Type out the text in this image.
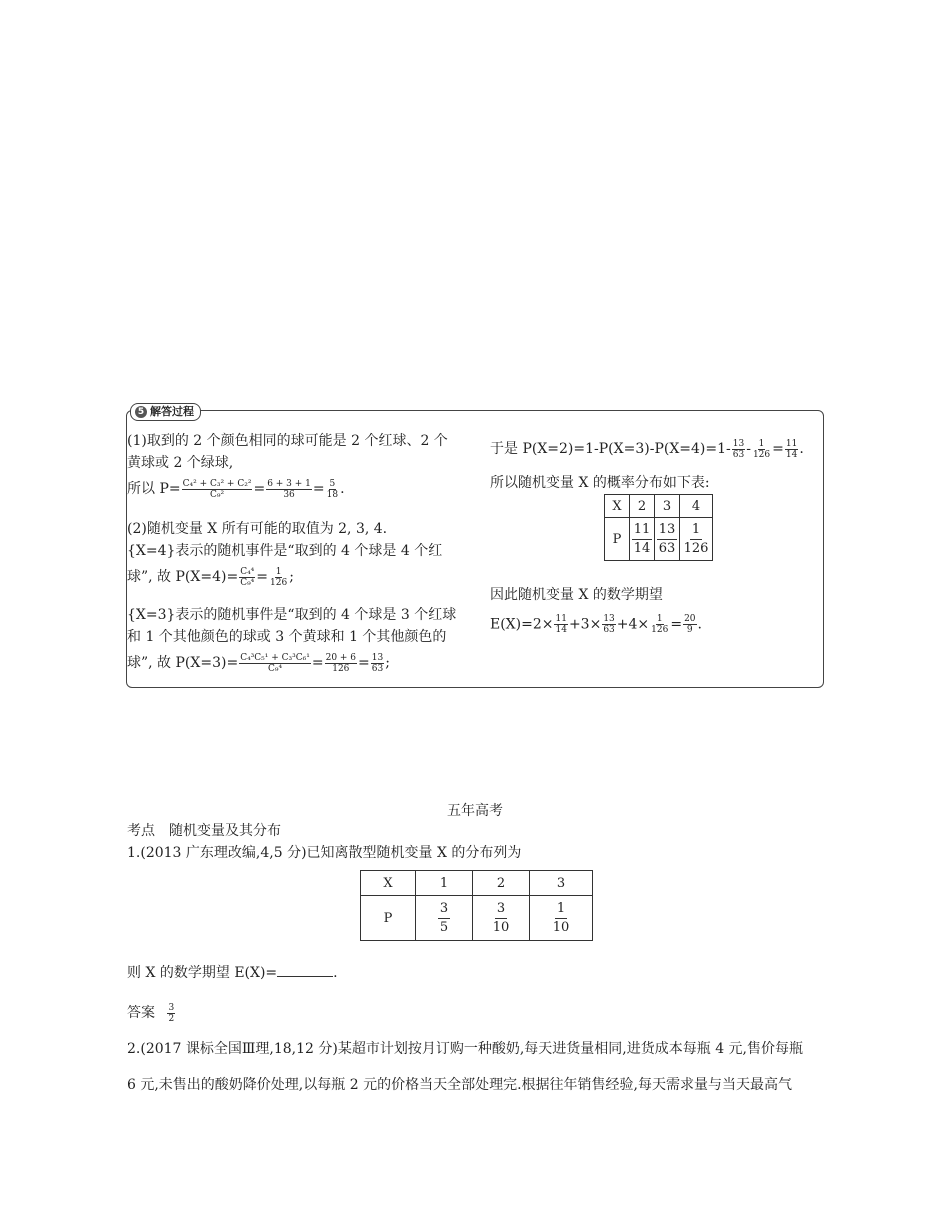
5 解答过程
(1)取到的 2 个颜色相同的球可能是 2 个红球、2 个
黄球或 2 个绿球,
所以 $P= \frac{\text{C₄² + C₃² + C₂²}}{\text{C₉²}} = \frac{6 + 3 + 1}{36} = \frac{5}{18}$ .
(2)随机变量 X 所有可能的取值为 2, 3, 4.
{X=4}表示的随机事件是“取到的 4 个球是 4 个红
球”, 故 $P(X=4)= \frac{\text{C₄⁴}}{\text{C₉⁴}} = \frac{1}{126}$ ;
{X=3}表示的随机事件是“取到的 4 个球是 3 个红球
和 1 个其他颜色的球或 3 个黄球和 1 个其他颜色的
球”, 故 $P(X=3)= \frac{\text{C₄³C₅¹ + C₃³C₆¹}}{\text{C₉⁴}} = \frac{20 + 6}{126} = \frac{13}{63}$ ;
于是 $P(X=2)=1-P(X=3)-P(X=4)=1- \frac{13}{63} - \frac{1}{126} = \frac{11}{14}$ .
所以随机变量 X 的概率分布如下表:
X	2	3	4
P	$\frac{11}{14}$	$\frac{13}{63}$	$\frac{1}{126}$
因此随机变量 X 的数学期望
$E(X)=2\times \frac{11}{14} +3\times \frac{13}{63} +4\times \frac{1}{126} = \frac{20}{9}$ .
五年高考
考点　随机变量及其分布
1.(2013 广东理改编,4,5 分)已知离散型随机变量 X 的分布列为
X	1	2	3
P	$\frac{3}{5}$	$\frac{3}{10}$	$\frac{1}{10}$
则 X 的数学期望 E(X)=	.
答案 $\frac{3}{2}$
2.(2017 课标全国Ⅲ理,18,12 分)某超市计划按月订购一种酸奶,每天进货量相同,进货成本每瓶 4 元,售价每瓶
6 元,未售出的酸奶降价处理,以每瓶 2 元的价格当天全部处理完.根据往年销售经验,每天需求量与当天最高气
